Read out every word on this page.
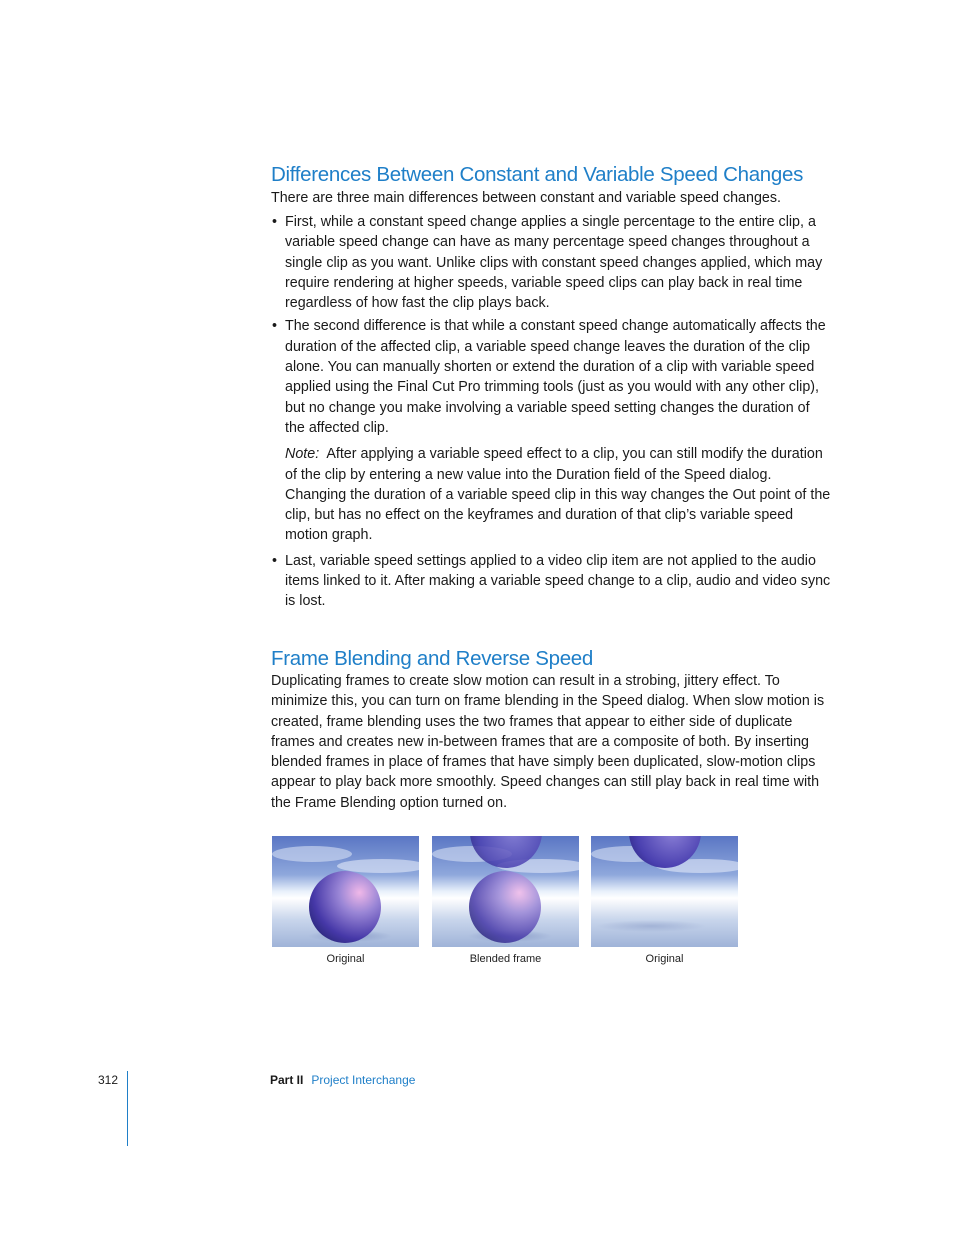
Differences Between Constant and Variable Speed Changes

There are three main differences between constant and variable speed changes.

• First, while a constant speed change applies a single percentage to the entire clip, a variable speed change can have as many percentage speed changes throughout a single clip as you want. Unlike clips with constant speed changes applied, which may require rendering at higher speeds, variable speed clips can play back in real time regardless of how fast the clip plays back.
• The second difference is that while a constant speed change automatically affects the duration of the affected clip, a variable speed change leaves the duration of the clip alone. You can manually shorten or extend the duration of a clip with variable speed applied using the Final Cut Pro trimming tools (just as you would with any other clip), but no change you make involving a variable speed setting changes the duration of the affected clip.

Note: After applying a variable speed effect to a clip, you can still modify the duration of the clip by entering a new value into the Duration field of the Speed dialog. Changing the duration of a variable speed clip in this way changes the Out point of the clip, but has no effect on the keyframes and duration of that clip’s variable speed motion graph.

• Last, variable speed settings applied to a video clip item are not applied to the audio items linked to it. After making a variable speed change to a clip, audio and video sync is lost.
Frame Blending and Reverse Speed

Duplicating frames to create slow motion can result in a strobing, jittery effect. To minimize this, you can turn on frame blending in the Speed dialog. When slow motion is created, frame blending uses the two frames that appear to either side of duplicate frames and creates new in-between frames that are a composite of both. By inserting blended frames in place of frames that have simply been duplicated, slow-motion clips appear to play back more smoothly. Speed changes can still play back in real time with the Frame Blending option turned on.

Original	Blended frame	Original
312	Part II Project Interchange
